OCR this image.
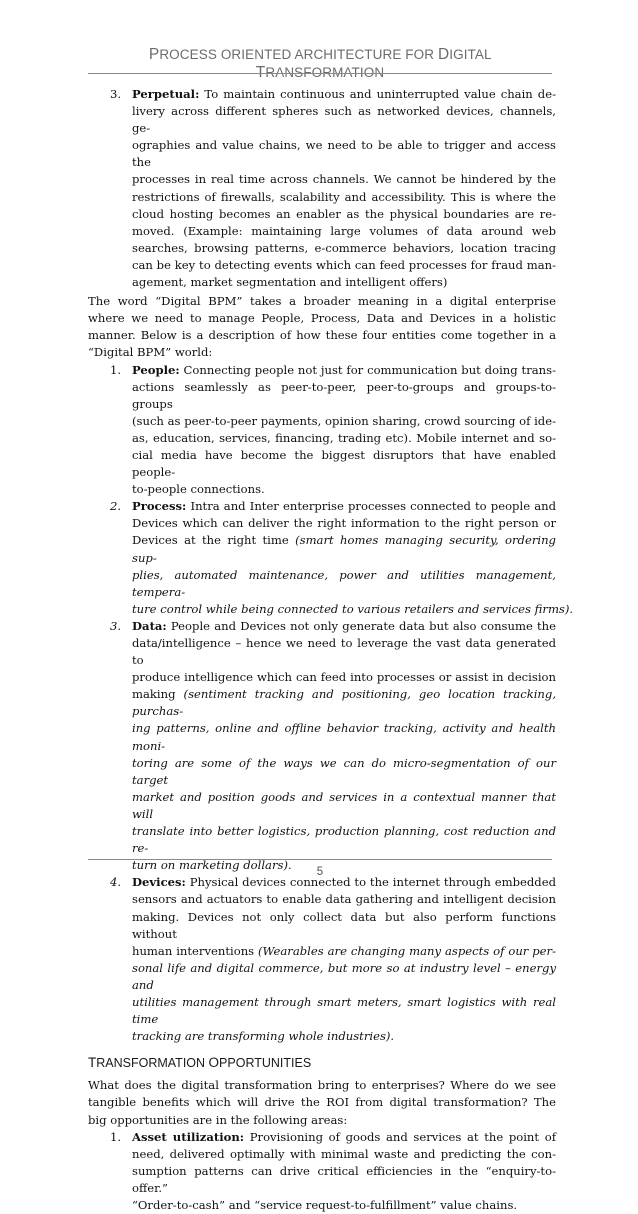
PROCESS ORIENTED ARCHITECTURE FOR DIGITAL TRANSFORMATION
3. Perpetual: To maintain continuous and uninterrupted value chain de-
livery across different spheres such as networked devices, channels, ge-
ographies and value chains, we need to be able to trigger and access the
processes in real time across channels. We cannot be hindered by the
restrictions of firewalls, scalability and accessibility. This is where the
cloud hosting becomes an enabler as the physical boundaries are re-
moved. (Example: maintaining large volumes of data around web
searches, browsing patterns, e-commerce behaviors, location tracing
can be key to detecting events which can feed processes for fraud man-
agement, market segmentation and intelligent offers)

The word “Digital BPM” takes a broader meaning in a digital enterprise
where we need to manage People, Process, Data and Devices in a holistic
manner. Below is a description of how these four entities come together in a
“Digital BPM” world:

1. People: Connecting people not just for communication but doing trans-
actions seamlessly as peer-to-peer, peer-to-groups and groups-to-groups
(such as peer-to-peer payments, opinion sharing, crowd sourcing of ide-
as, education, services, financing, trading etc). Mobile internet and so-
cial media have become the biggest disruptors that have enabled people-
to-people connections.
2. Process: Intra and Inter enterprise processes connected to people and
Devices which can deliver the right information to the right person or
Devices at the right time (smart homes managing security, ordering sup-
plies, automated maintenance, power and utilities management, tempera-
ture control while being connected to various retailers and services firms).
3. Data: People and Devices not only generate data but also consume the
data/intelligence – hence we need to leverage the vast data generated to
produce intelligence which can feed into processes or assist in decision
making (sentiment tracking and positioning, geo location tracking, purchas-
ing patterns, online and offline behavior tracking, activity and health moni-
toring are some of the ways we can do micro-segmentation of our target
market and position goods and services in a contextual manner that will
translate into better logistics, production planning, cost reduction and re-
turn on marketing dollars).
4. Devices: Physical devices connected to the internet through embedded
sensors and actuators to enable data gathering and intelligent decision
making. Devices not only collect data but also perform functions without
human interventions (Wearables are changing many aspects of our per-
sonal life and digital commerce, but more so at industry level – energy and
utilities management through smart meters, smart logistics with real time
tracking are transforming whole industries).
TRANSFORMATION OPPORTUNITIES

What does the digital transformation bring to enterprises? Where do we see
tangible benefits which will drive the ROI from digital transformation? The
big opportunities are in the following areas:

1. Asset utilization: Provisioning of goods and services at the point of
need, delivered optimally with minimal waste and predicting the con-
sumption patterns can drive critical efficiencies in the “enquiry-to-offer.”
“Order-to-cash” and “service request-to-fulfillment” value chains.
5
